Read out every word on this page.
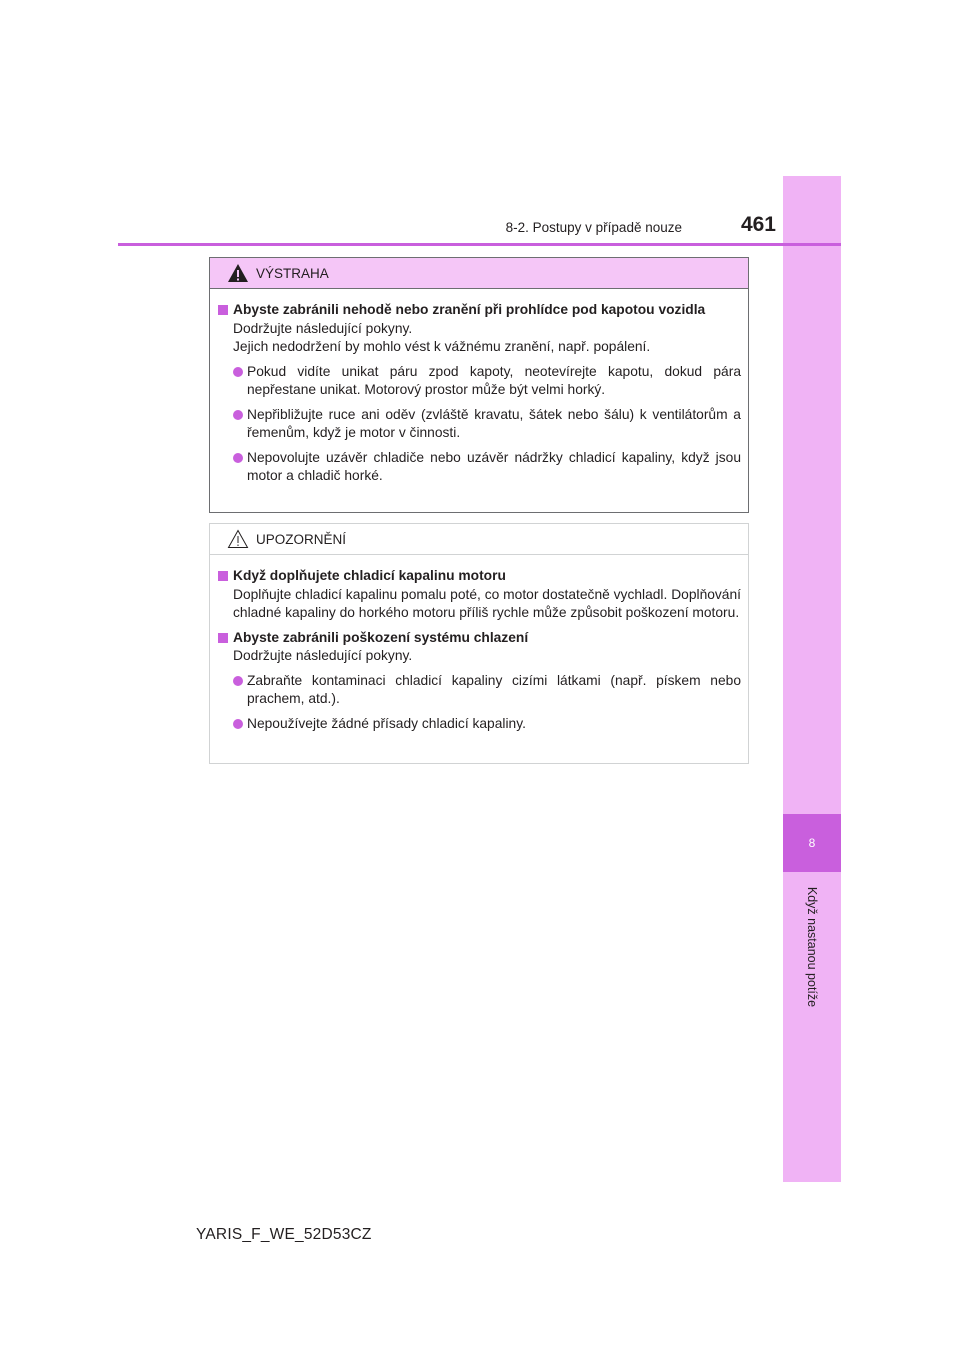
8
Když nastanou potíže
8-2. Postupy v případě nouze	461
VÝSTRAHA
Abyste zabránili nehodě nebo zranění při prohlídce pod kapotou vozidla
Dodržujte následující pokyny.
Jejich nedodržení by mohlo vést k vážnému zranění, např. popálení.
Pokud vidíte unikat páru zpod kapoty, neotevírejte kapotu, dokud pára nepřestane unikat. Motorový prostor může být velmi horký.
Nepřibližujte ruce ani oděv (zvláště kravatu, šátek nebo šálu) k ventilátorům a řemenům, když je motor v činnosti.
Nepovolujte uzávěr chladiče nebo uzávěr nádržky chladicí kapaliny, když jsou motor a chladič horké.
UPOZORNĚNÍ
Když doplňujete chladicí kapalinu motoru
Doplňujte chladicí kapalinu pomalu poté, co motor dostatečně vychladl. Doplňování chladné kapaliny do horkého motoru příliš rychle může způsobit poškození motoru.
Abyste zabránili poškození systému chlazení
Dodržujte následující pokyny.
Zabraňte kontaminaci chladicí kapaliny cizími látkami (např. pískem nebo prachem, atd.).
Nepoužívejte žádné přísady chladicí kapaliny.
YARIS_F_WE_52D53CZ
